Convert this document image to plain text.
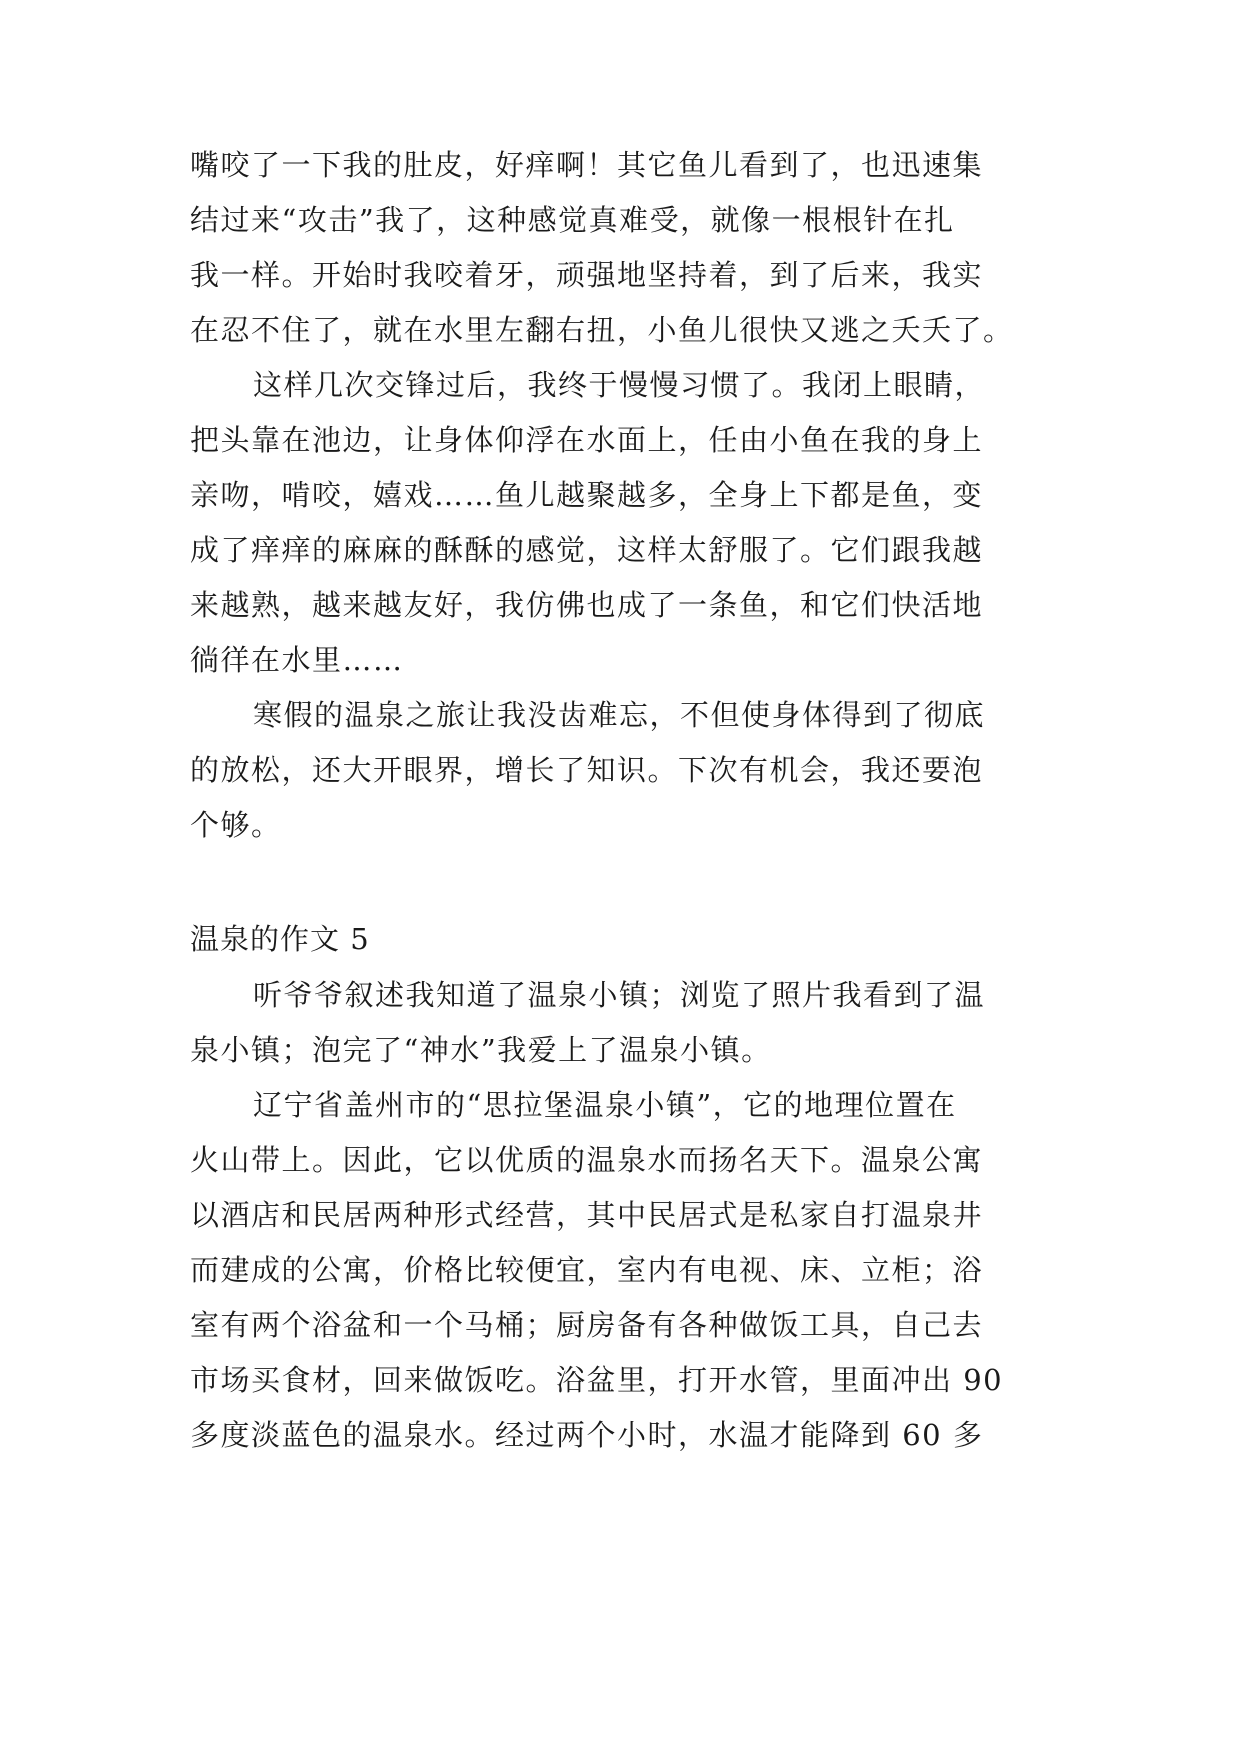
嘴咬了一下我的肚皮，好痒啊！其它鱼儿看到了，也迅速集
结过来“攻击”我了，这种感觉真难受，就像一根根针在扎
我一样。开始时我咬着牙，顽强地坚持着，到了后来，我实
在忍不住了，就在水里左翻右扭，小鱼儿很快又逃之夭夭了。
这样几次交锋过后，我终于慢慢习惯了。我闭上眼睛，
把头靠在池边，让身体仰浮在水面上，任由小鱼在我的身上
亲吻，啃咬，嬉戏……鱼儿越聚越多，全身上下都是鱼，变
成了痒痒的麻麻的酥酥的感觉，这样太舒服了。它们跟我越
来越熟，越来越友好，我仿佛也成了一条鱼，和它们快活地
徜徉在水里……
寒假的温泉之旅让我没齿难忘，不但使身体得到了彻底
的放松，还大开眼界，增长了知识。下次有机会，我还要泡
个够。
温泉的作文 5
听爷爷叙述我知道了温泉小镇；浏览了照片我看到了温
泉小镇；泡完了“神水”我爱上了温泉小镇。
辽宁省盖州市的“思拉堡温泉小镇”，它的地理位置在
火山带上。因此，它以优质的温泉水而扬名天下。温泉公寓
以酒店和民居两种形式经营，其中民居式是私家自打温泉井
而建成的公寓，价格比较便宜，室内有电视、床、立柜；浴
室有两个浴盆和一个马桶；厨房备有各种做饭工具，自己去
市场买食材，回来做饭吃。浴盆里，打开水管，里面冲出 90
多度淡蓝色的温泉水。经过两个小时，水温才能降到 60 多
